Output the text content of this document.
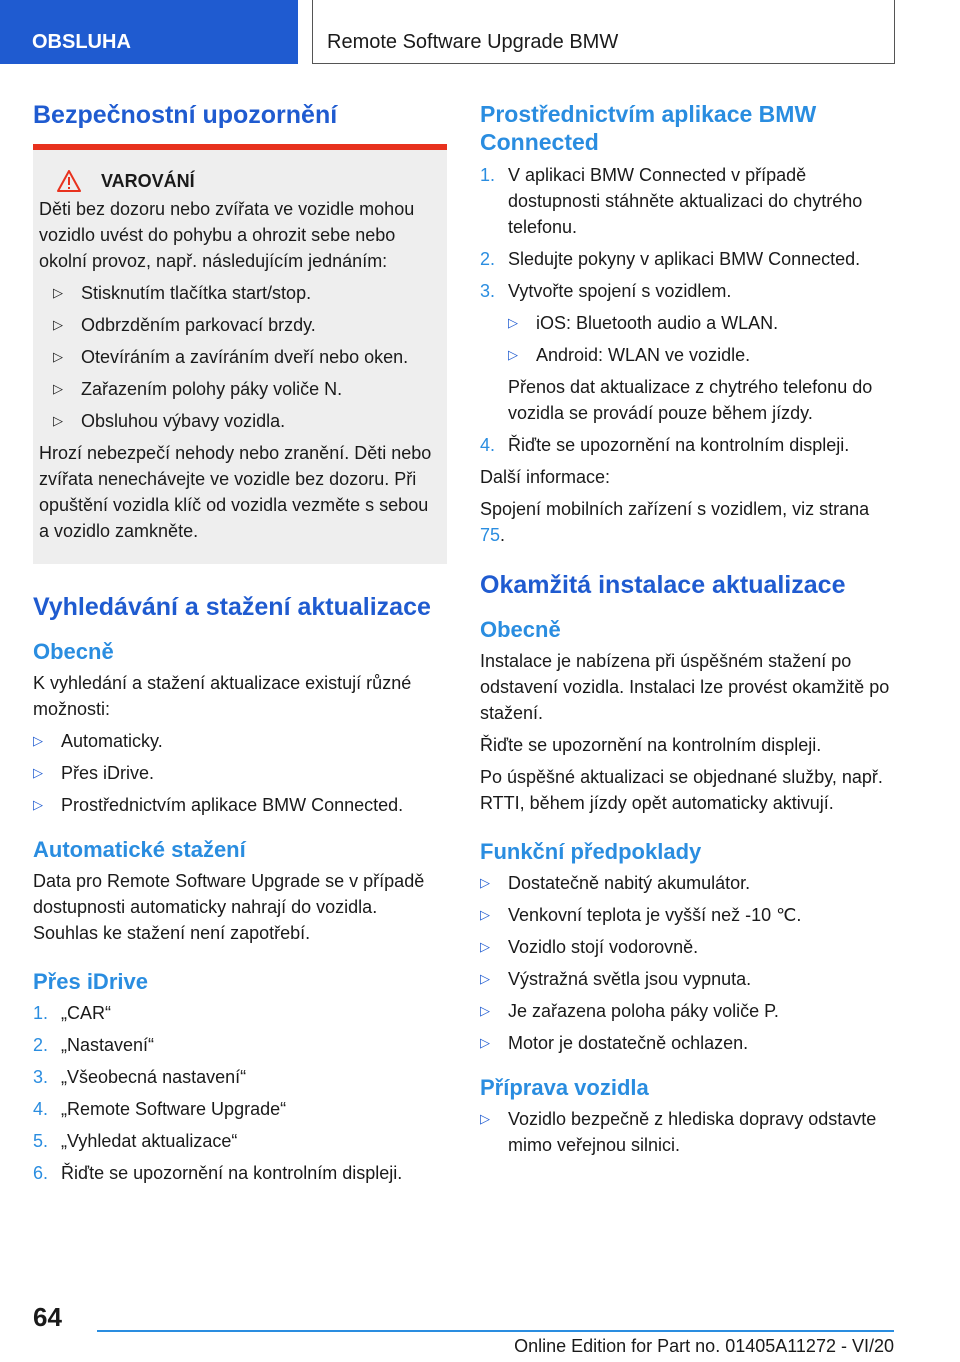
OBSLUHA	Remote Software Upgrade BMW
Bezpečnostní upozornění
VAROVÁNÍ
Děti bez dozoru nebo zvířata ve vozidle mohou vozidlo uvést do pohybu a ohrozit sebe nebo okolní provoz, např. následujícím jednáním:
▷	Stisknutím tlačítka start/stop.
▷	Odbrzděním parkovací brzdy.
▷	Otevíráním a zavíráním dveří nebo oken.
▷	Zařazením polohy páky voliče N.
▷	Obsluhou výbavy vozidla.
Hrozí nebezpečí nehody nebo zranění. Děti nebo zvířata nenechávejte ve vozidle bez dozoru. Při opuštění vozidla klíč od vozidla vezměte s sebou a vozidlo zamkněte.
Vyhledávání a stažení aktualizace
Obecně
K vyhledání a stažení aktualizace existují různé možnosti:
▷	Automaticky.
▷	Přes iDrive.
▷	Prostřednictvím aplikace BMW Connected.
Automatické stažení
Data pro Remote Software Upgrade se v případě dostupnosti automaticky nahrají do vozidla. Souhlas ke stažení není zapotřebí.
Přes iDrive
1. „CAR“
2. „Nastavení“
3. „Všeobecná nastavení“
4. „Remote Software Upgrade“
5. „Vyhledat aktualizace“
6. Řiďte se upozornění na kontrolním displeji.
Prostřednictvím aplikace BMW Connected
1. V aplikaci BMW Connected v případě dostupnosti stáhněte aktualizaci do chytrého telefonu.
2. Sledujte pokyny v aplikaci BMW Connected.
3. Vytvořte spojení s vozidlem.
▷	iOS: Bluetooth audio a WLAN.
▷	Android: WLAN ve vozidle.
Přenos dat aktualizace z chytrého telefonu do vozidla se provádí pouze během jízdy.
4. Řiďte se upozornění na kontrolním displeji.
Další informace:
Spojení mobilních zařízení s vozidlem, viz strana 75.
Okamžitá instalace aktualizace
Obecně
Instalace je nabízena při úspěšném stažení po odstavení vozidla. Instalaci lze provést okamžitě po stažení.
Řiďte se upozornění na kontrolním displeji.
Po úspěšné aktualizaci se objednané služby, např. RTTI, během jízdy opět automaticky aktivují.
Funkční předpoklady
▷	Dostatečně nabitý akumulátor.
▷	Venkovní teplota je vyšší než -10 ℃.
▷	Vozidlo stojí vodorovně.
▷	Výstražná světla jsou vypnuta.
▷	Je zařazena poloha páky voliče P.
▷	Motor je dostatečně ochlazen.
Příprava vozidla
▷	Vozidlo bezpečně z hlediska dopravy odstavte mimo veřejnou silnici.
64
Online Edition for Part no. 01405A11272 - VI/20
